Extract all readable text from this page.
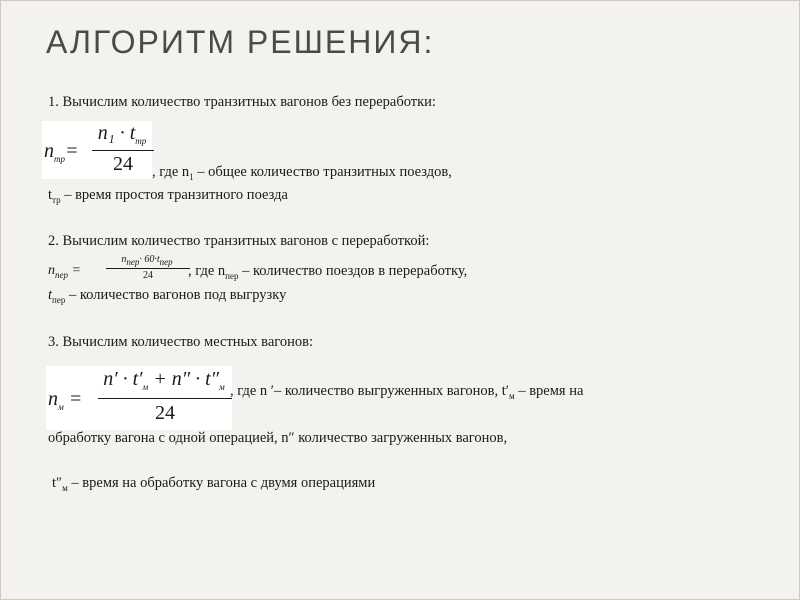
АЛГОРИТМ РЕШЕНИЯ:
1. Вычислим количество транзитных вагонов без переработки:
$n_{тр}=$
$n_1 \cdot t_{тр}$
24	, где $n_1$ – общее количество транзитных поездов,
$t_{тр}$ – время простоя транзитного поезда
2. Вычислим количество транзитных вагонов с переработкой:
$n_{пер}$ =
$n_{пер}\cdot 60\cdot t_{пер}$
24	, где $n_{пер}$ – количество поездов в переработку,
$t_{пер}$ – количество вагонов под выгрузку
3. Вычислим количество местных вагонов:
$n_м$ =
$n' \cdot t'_м + n'' \cdot t''_м$
24
, где n ′– количество выгруженных вагонов, $t'_м$ – время на
обработку вагона с одной операцией, n″ количество загруженных вагонов,
$t''_м$ – время на обработку вагона с двумя операциями
